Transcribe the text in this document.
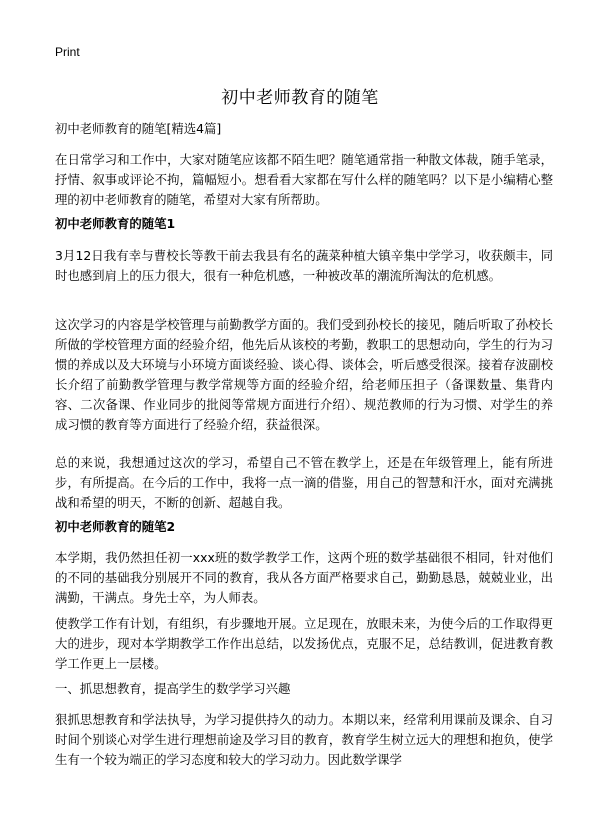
Print
初中老师教育的随笔

初中老师教育的随笔[精选4篇]

在日常学习和工作中，大家对随笔应该都不陌生吧？随笔通常指一种散文体裁，随手笔录，抒情、叙事或评论不拘，篇幅短小。想看看大家都在写什么样的随笔吗？以下是小编精心整理的初中老师教育的随笔，希望对大家有所帮助。

初中老师教育的随笔1

3月12日我有幸与曹校长等教干前去我县有名的蔬菜种植大镇辛集中学学习，收获颇丰，同时也感到肩上的压力很大，很有一种危机感，一种被改革的潮流所淘汰的危机感。

这次学习的内容是学校管理与前勤教学方面的。我们受到孙校长的接见，随后听取了孙校长所做的学校管理方面的经验介绍，他先后从该校的考勤，教职工的思想动向，学生的行为习惯的养成以及大环境与小环境方面谈经验、谈心得、谈体会，听后感受很深。接着存波副校长介绍了前勤教学管理与教学常规等方面的经验介绍，给老师压担子（备课数量、集背内容、二次备课、作业同步的批阅等常规方面进行介绍）、规范教师的行为习惯、对学生的养成习惯的教育等方面进行了经验介绍，获益很深。

总的来说，我想通过这次的学习，希望自己不管在教学上，还是在年级管理上，能有所进步，有所提高。在今后的工作中，我将一点一滴的借鉴，用自己的智慧和汗水，面对充满挑战和希望的明天，不断的创新、超越自我。

初中老师教育的随笔2

本学期，我仍然担任初一xxx班的数学教学工作，这两个班的数学基础很不相同，针对他们的不同的基础我分别展开不同的教育，我从各方面严格要求自己，勤勤恳恳，兢兢业业，出满勤，干满点。身先士卒，为人师表。

使教学工作有计划，有组织，有步骤地开展。立足现在，放眼未来，为使今后的工作取得更大的进步，现对本学期教学工作作出总结，以发扬优点，克服不足，总结教训，促进教育教学工作更上一层楼。

一、抓思想教育，提高学生的数学学习兴趣

狠抓思想教育和学法执导，为学习提供持久的动力。本期以来，经常利用课前及课余、自习时间个别谈心对学生进行理想前途及学习目的教育，教育学生树立远大的理想和抱负，使学生有一个较为端正的学习态度和较大的学习动力。因此数学课学
